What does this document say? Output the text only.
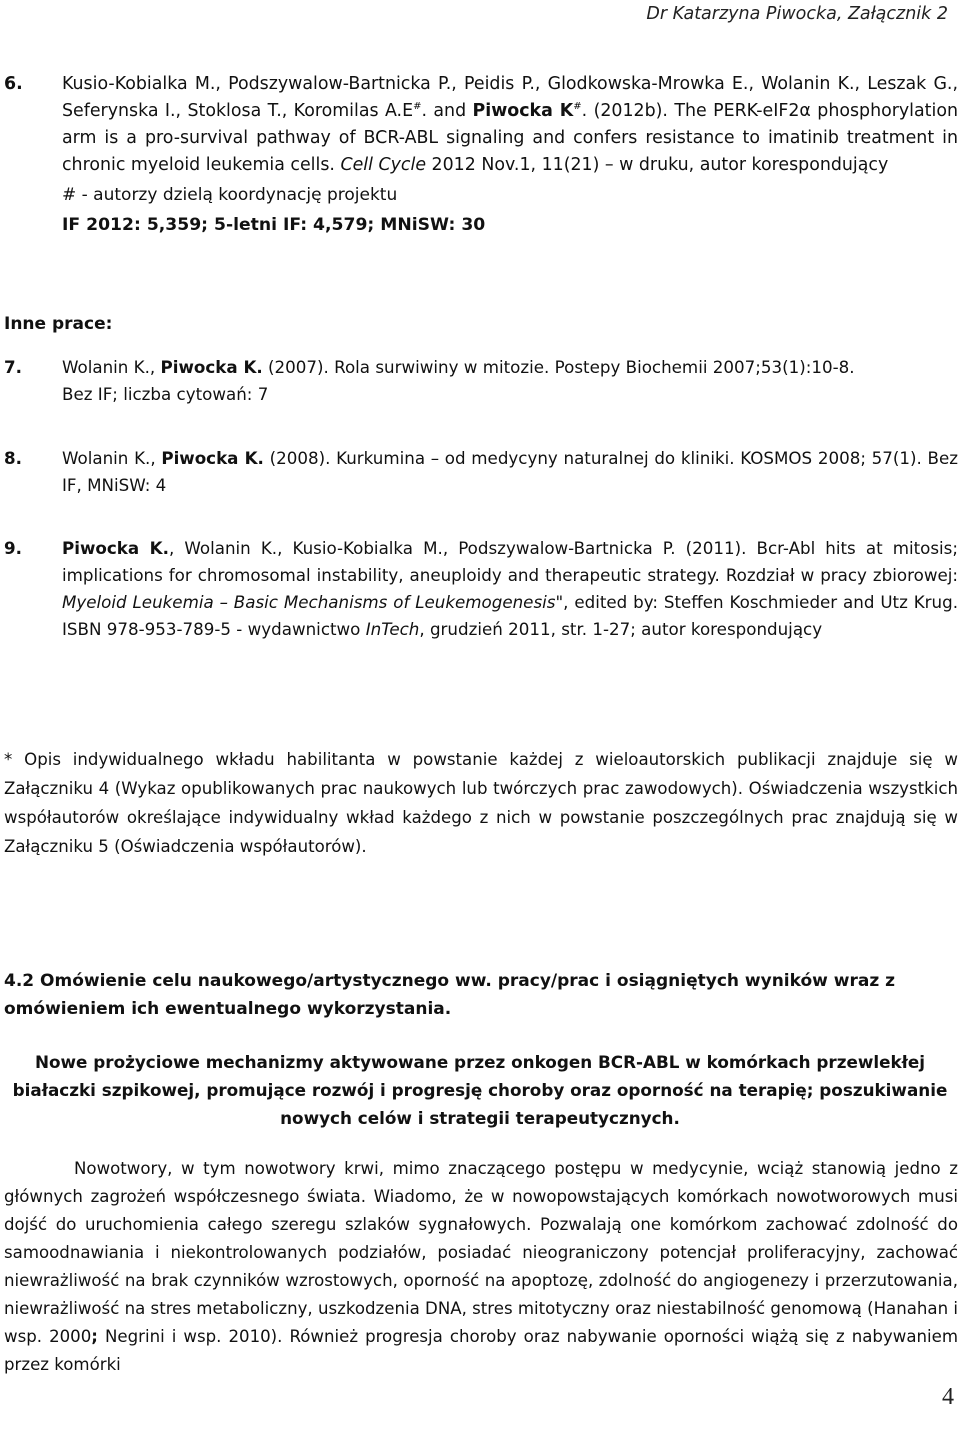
Dr Katarzyna Piwocka, Załącznik 2
6. Kusio-Kobialka M., Podszywalow-Bartnicka P., Peidis P., Glodkowska-Mrowka E., Wolanin K., Leszak G., Seferynska I., Stoklosa T., Koromilas A.E#. and Piwocka K#. (2012b). The PERK-eIF2α phosphorylation arm is a pro-survival pathway of BCR-ABL signaling and confers resistance to imatinib treatment in chronic myeloid leukemia cells. Cell Cycle 2012 Nov.1, 11(21) – w druku, autor korespondujący
# - autorzy dzielą koordynację projektu
IF 2012: 5,359; 5-letni IF: 4,579; MNiSW: 30
Inne prace:
7. Wolanin K., Piwocka K. (2007). Rola surwiwiny w mitozie. Postepy Biochemii 2007;53(1):10-8.
Bez IF; liczba cytowań: 7
8. Wolanin K., Piwocka K. (2008). Kurkumina – od medycyny naturalnej do kliniki. KOSMOS 2008; 57(1). Bez IF, MNiSW: 4
9. Piwocka K., Wolanin K., Kusio-Kobialka M., Podszywalow-Bartnicka P. (2011). Bcr-Abl hits at mitosis; implications for chromosomal instability, aneuploidy and therapeutic strategy. Rozdział w pracy zbiorowej: Myeloid Leukemia – Basic Mechanisms of Leukemogenesis", edited by: Steffen Koschmieder and Utz Krug. ISBN 978-953-789-5 - wydawnictwo InTech, grudzień 2011, str. 1-27; autor korespondujący
* Opis indywidualnego wkładu habilitanta w powstanie każdej z wieloautorskich publikacji znajduje się w Załączniku 4 (Wykaz opublikowanych prac naukowych lub twórczych prac zawodowych). Oświadczenia wszystkich współautorów określające indywidualny wkład każdego z nich w powstanie poszczególnych prac znajdują się w Załączniku 5 (Oświadczenia współautorów).
4.2 Omówienie celu naukowego/artystycznego ww. pracy/prac i osiągniętych wyników wraz z omówieniem ich ewentualnego wykorzystania.
Nowe prożyciowe mechanizmy aktywowane przez onkogen BCR-ABL w komórkach przewlekłej białaczki szpikowej, promujące rozwój i progresję choroby oraz oporność na terapię; poszukiwanie nowych celów i strategii terapeutycznych.
Nowotwory, w tym nowotwory krwi, mimo znaczącego postępu w medycynie, wciąż stanowią jedno z głównych zagrożeń współczesnego świata. Wiadomo, że w nowopowstających komórkach nowotworowych musi dojść do uruchomienia całego szeregu szlaków sygnałowych. Pozwalają one komórkom zachować zdolność do samoodnawiania i niekontrolowanych podziałów, posiadać nieograniczony potencjał proliferacyjny, zachować niewrażliwość na brak czynników wzrostowych, oporność na apoptozę, zdolność do angiogenezy i przerzutowania, niewrażliwość na stres metaboliczny, uszkodzenia DNA, stres mitotyczny oraz niestabilność genomową (Hanahan i wsp. 2000; Negrini i wsp. 2010). Również progresja choroby oraz nabywanie oporności wiążą się z nabywaniem przez komórki
4
